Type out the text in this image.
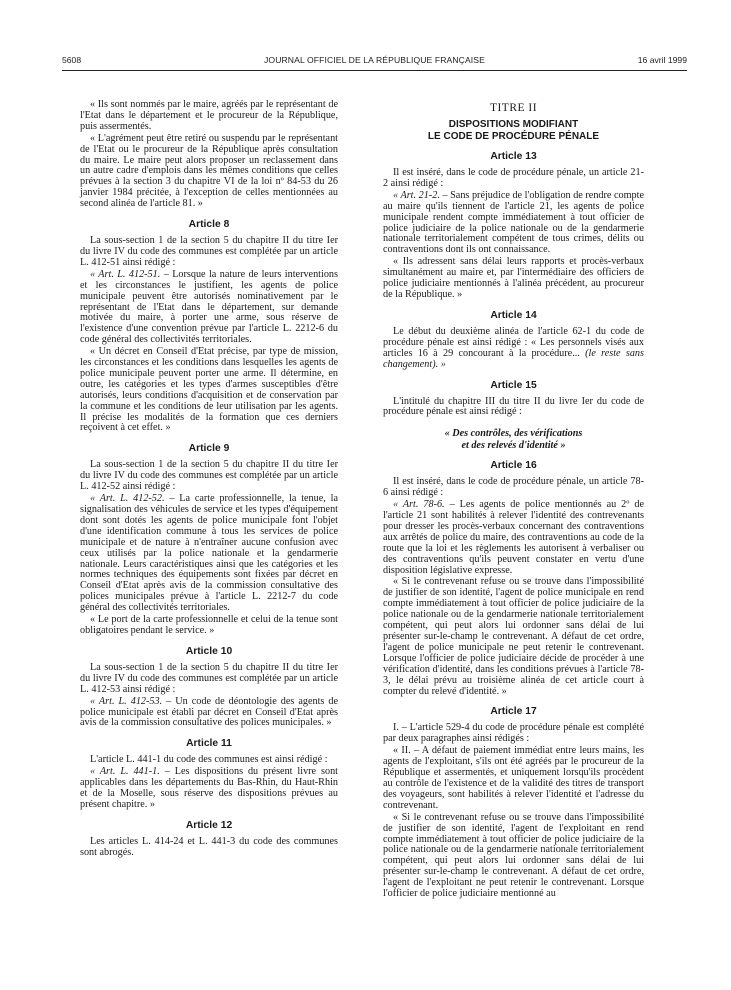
5608	JOURNAL OFFICIEL DE LA RÉPUBLIQUE FRANÇAISE	16 avril 1999

« Ils sont nommés par le maire, agréés par le représentant de l'Etat dans le département et le procureur de la République, puis assermentés.

« L'agrément peut être retiré ou suspendu par le représentant de l'Etat ou le procureur de la République après consultation du maire. Le maire peut alors proposer un reclassement dans un autre cadre d'emplois dans les mêmes conditions que celles prévues à la section 3 du chapitre VI de la loi nº 84-53 du 26 janvier 1984 précitée, à l'exception de celles mentionnées au second alinéa de l'article 81. »

Article 8

La sous-section 1 de la section 5 du chapitre II du titre Ier du livre IV du code des communes est complétée par un article L. 412-51 ainsi rédigé :

« Art. L. 412-51. – Lorsque la nature de leurs interventions et les circonstances le justifient, les agents de police municipale peuvent être autorisés nominativement par le représentant de l'Etat dans le département, sur demande motivée du maire, à porter une arme, sous réserve de l'existence d'une convention prévue par l'article L. 2212-6 du code général des collectivités territoriales.

« Un décret en Conseil d'Etat précise, par type de mission, les circonstances et les conditions dans lesquelles les agents de police municipale peuvent porter une arme. Il détermine, en outre, les catégories et les types d'armes susceptibles d'être autorisés, leurs conditions d'acquisition et de conservation par la commune et les conditions de leur utilisation par les agents. Il précise les modalités de la formation que ces derniers reçoivent à cet effet. »

Article 9

La sous-section 1 de la section 5 du chapitre II du titre Ier du livre IV du code des communes est complétée par un article L. 412-52 ainsi rédigé :

« Art. L. 412-52. – La carte professionnelle, la tenue, la signalisation des véhicules de service et les types d'équipement dont sont dotés les agents de police municipale font l'objet d'une identification commune à tous les services de police municipale et de nature à n'entraîner aucune confusion avec ceux utilisés par la police nationale et la gendarmerie nationale. Leurs caractéristiques ainsi que les catégories et les normes techniques des équipements sont fixées par décret en Conseil d'Etat après avis de la commission consultative des polices municipales prévue à l'article L. 2212-7 du code général des collectivités territoriales.

« Le port de la carte professionnelle et celui de la tenue sont obligatoires pendant le service. »

Article 10

La sous-section 1 de la section 5 du chapitre II du titre Ier du livre IV du code des communes est complétée par un article L. 412-53 ainsi rédigé :

« Art. L. 412-53. – Un code de déontologie des agents de police municipale est établi par décret en Conseil d'Etat après avis de la commission consultative des polices municipales. »

Article 11

L'article L. 441-1 du code des communes est ainsi rédigé :

« Art. L. 441-1. – Les dispositions du présent livre sont applicables dans les départements du Bas-Rhin, du Haut-Rhin et de la Moselle, sous réserve des dispositions prévues au présent chapitre. »

Article 12

Les articles L. 414-24 et L. 441-3 du code des communes sont abrogés.

TITRE II
DISPOSITIONS MODIFIANT
LE CODE DE PROCÉDURE PÉNALE
Article 13

Il est inséré, dans le code de procédure pénale, un article 21-2 ainsi rédigé :

« Art. 21-2. – Sans préjudice de l'obligation de rendre compte au maire qu'ils tiennent de l'article 21, les agents de police municipale rendent compte immédiatement à tout officier de police judiciaire de la police nationale ou de la gendarmerie nationale territorialement compétent de tous crimes, délits ou contraventions dont ils ont connaissance.

« Ils adressent sans délai leurs rapports et procès-verbaux simultanément au maire et, par l'intermédiaire des officiers de police judiciaire mentionnés à l'alinéa précédent, au procureur de la République. »

Article 14

Le début du deuxième alinéa de l'article 62-1 du code de procédure pénale est ainsi rédigé : « Les personnels visés aux articles 16 à 29 concourant à la procédure... (le reste sans changement). »

Article 15

L'intitulé du chapitre III du titre II du livre Ier du code de procédure pénale est ainsi rédigé :

« Des contrôles, des vérifications
et des relevés d'identité »
Article 16

Il est inséré, dans le code de procédure pénale, un article 78-6 ainsi rédigé :

« Art. 78-6. – Les agents de police mentionnés au 2º de l'article 21 sont habilités à relever l'identité des contrevenants pour dresser les procès-verbaux concernant des contraventions aux arrêtés de police du maire, des contraventions au code de la route que la loi et les règlements les autorisent à verbaliser ou des contraventions qu'ils peuvent constater en vertu d'une disposition législative expresse.

« Si le contrevenant refuse ou se trouve dans l'impossibilité de justifier de son identité, l'agent de police municipale en rend compte immédiatement à tout officier de police judiciaire de la police nationale ou de la gendarmerie nationale territorialement compétent, qui peut alors lui ordonner sans délai de lui présenter sur-le-champ le contrevenant. A défaut de cet ordre, l'agent de police municipale ne peut retenir le contrevenant. Lorsque l'officier de police judiciaire décide de procéder à une vérification d'identité, dans les conditions prévues à l'article 78-3, le délai prévu au troisième alinéa de cet article court à compter du relevé d'identité. »

Article 17

I. – L'article 529-4 du code de procédure pénale est complété par deux paragraphes ainsi rédigés :

« II. – A défaut de paiement immédiat entre leurs mains, les agents de l'exploitant, s'ils ont été agréés par le procureur de la République et assermentés, et uniquement lorsqu'ils procèdent au contrôle de l'existence et de la validité des titres de transport des voyageurs, sont habilités à relever l'identité et l'adresse du contrevenant.

« Si le contrevenant refuse ou se trouve dans l'impossibilité de justifier de son identité, l'agent de l'exploitant en rend compte immédiatement à tout officier de police judiciaire de la police nationale ou de la gendarmerie nationale territorialement compétent, qui peut alors lui ordonner sans délai de lui présenter sur-le-champ le contrevenant. A défaut de cet ordre, l'agent de l'exploitant ne peut retenir le contrevenant. Lorsque l'officier de police judiciaire mentionné au
